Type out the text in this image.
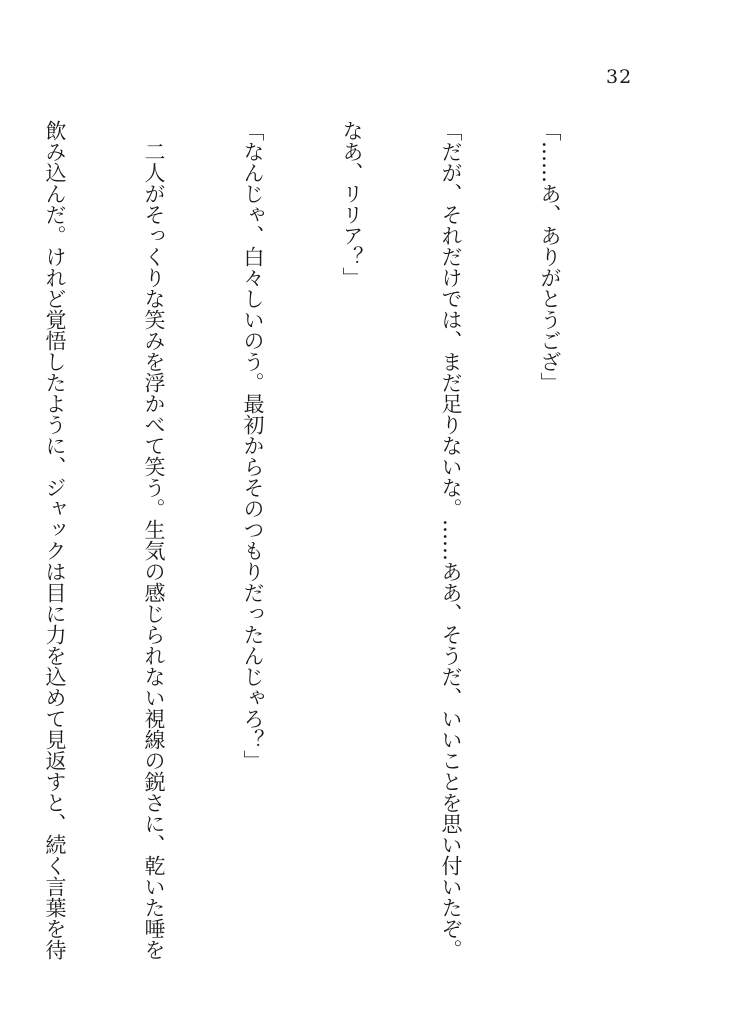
32

「……あ、ありがとうござ」

「だが、それだけでは、まだ足りないな。……ああ、そうだ、いいことを思い付いたぞ。

なあ、リリア？」

「なんじゃ、白々しいのう。最初からそのつもりだったんじゃろ？」

　二人がそっくりな笑みを浮かべて笑う。生気の感じられない視線の鋭さに、乾いた唾を

飲み込んだ。けれど覚悟したように、ジャックは目に力を込めて見返すと、続く言葉を待
